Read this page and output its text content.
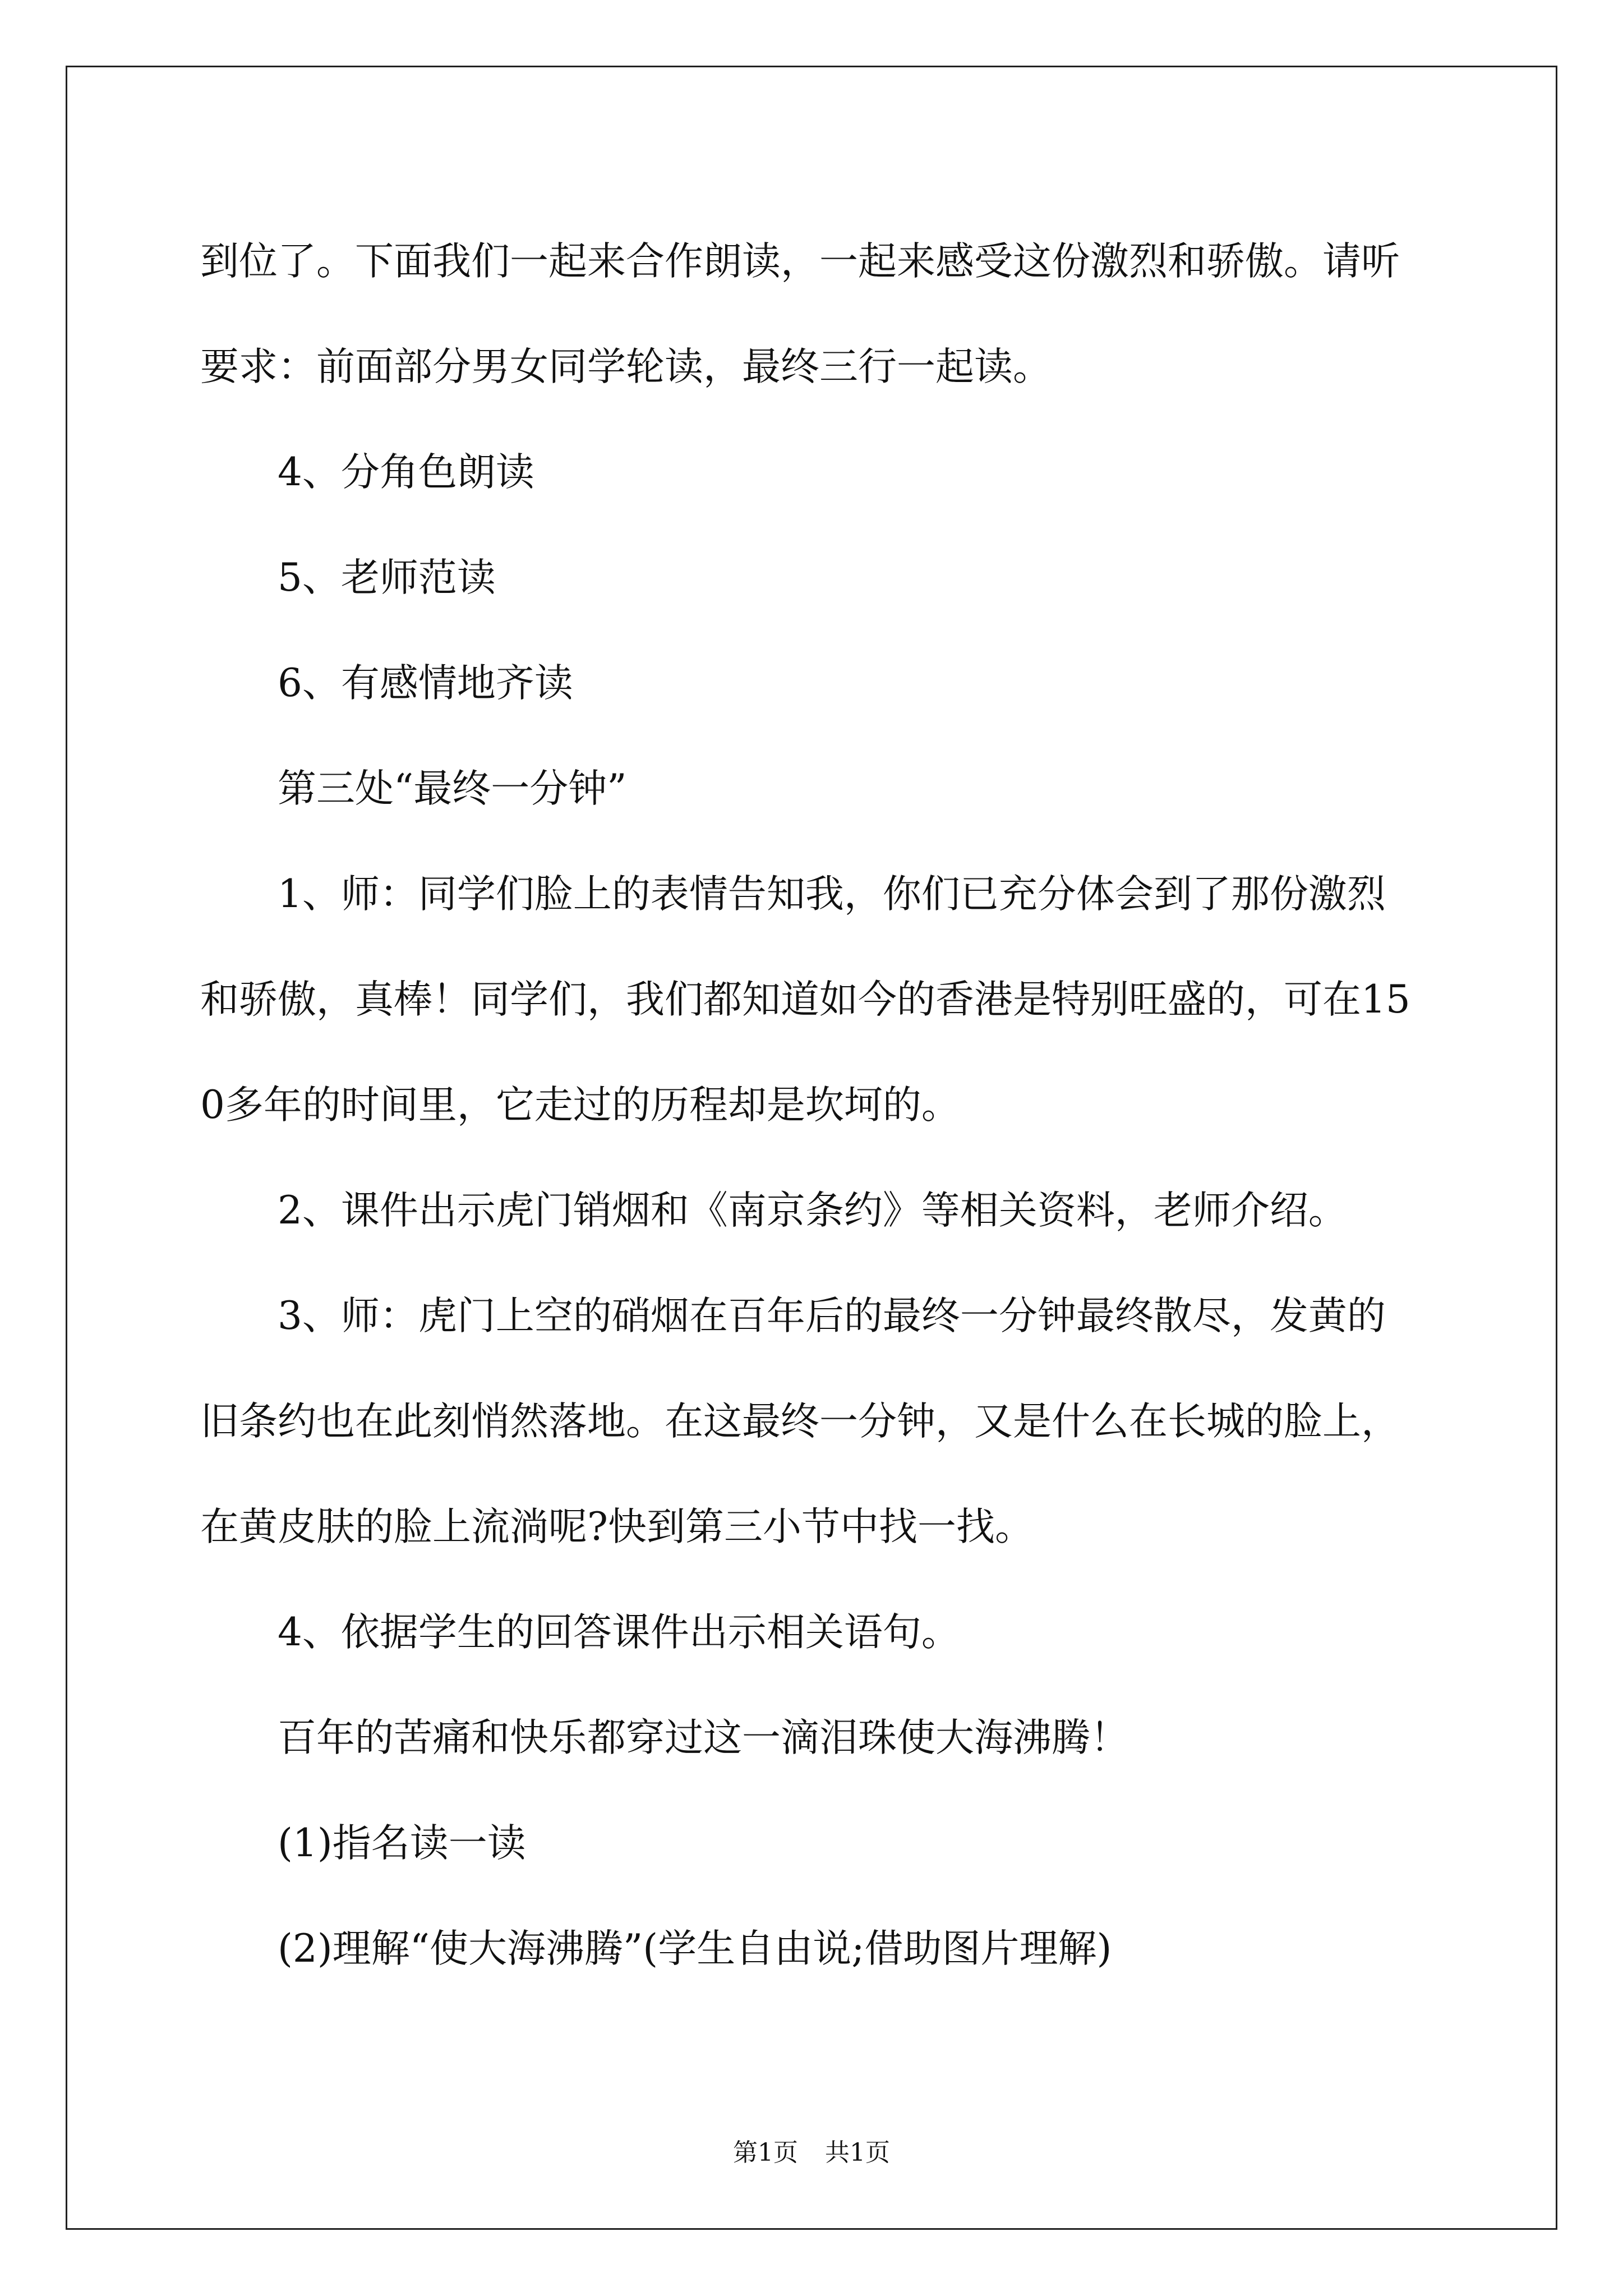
到位了。下面我们一起来合作朗读，一起来感受这份激烈和骄傲。请听要求：前面部分男女同学轮读，最终三行一起读。

4、分角色朗读

5、老师范读

6、有感情地齐读

第三处“最终一分钟”

1、师：同学们脸上的表情告知我，你们已充分体会到了那份激烈和骄傲，真棒！同学们，我们都知道如今的香港是特别旺盛的，可在150多年的时间里，它走过的历程却是坎坷的。

2、课件出示虎门销烟和《南京条约》等相关资料，老师介绍。

3、师：虎门上空的硝烟在百年后的最终一分钟最终散尽，发黄的旧条约也在此刻悄然落地。在这最终一分钟，又是什么在长城的脸上，在黄皮肤的脸上流淌呢?快到第三小节中找一找。

4、依据学生的回答课件出示相关语句。

百年的苦痛和快乐都穿过这一滴泪珠使大海沸腾！

(1)指名读一读

(2)理解“使大海沸腾”(学生自由说;借助图片理解)

第1页 共1页
